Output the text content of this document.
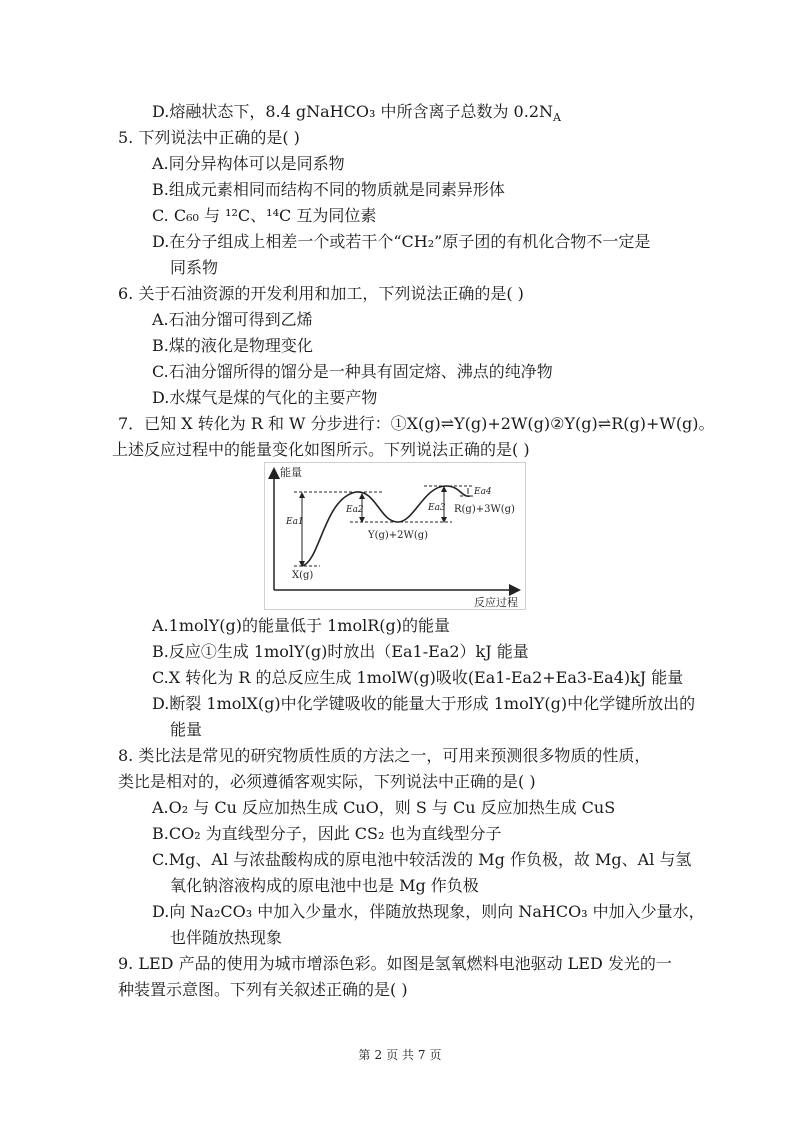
D.熔融状态下，8.4 gNaHCO₃ 中所含离子总数为 $0.2N_A$
5. 下列说法中正确的是( )
A.同分异构体可以是同系物
B.组成元素相同而结构不同的物质就是同素异形体
C. C₆₀ 与 ¹²C、¹⁴C 互为同位素
D.在分子组成上相差一个或若干个“CH₂”原子团的有机化合物不一定是
同系物
6. 关于石油资源的开发利用和加工，下列说法正确的是( )
A.石油分馏可得到乙烯
B.煤的液化是物理变化
C.石油分馏所得的馏分是一种具有固定熔、沸点的纯净物
D.水煤气是煤的气化的主要产物
7．已知 X 转化为 R 和 W 分步进行：①X(g)⇌Y(g)+2W(g)②Y(g)⇌R(g)+W(g)。
上述反应过程中的能量变化如图所示。下列说法正确的是( )
能量
反应过程
Ea1
Ea2	Ea3
Ea4
X(g)
Y(g)+2W(g)
R(g)+3W(g)
A.1molY(g)的能量低于 1molR(g)的能量
B.反应①生成 1molY(g)时放出（Ea1-Ea2）kJ 能量
C.X 转化为 R 的总反应生成 1molW(g)吸收(Ea1-Ea2+Ea3-Ea4)kJ 能量
D.断裂 1molX(g)中化学键吸收的能量大于形成 1molY(g)中化学键所放出的
能量
8. 类比法是常见的研究物质性质的方法之一，可用来预测很多物质的性质，
类比是相对的，必须遵循客观实际，下列说法中正确的是( )
A.O₂ 与 Cu 反应加热生成 CuO，则 S 与 Cu 反应加热生成 CuS
B.CO₂ 为直线型分子，因此 CS₂ 也为直线型分子
C.Mg、Al 与浓盐酸构成的原电池中较活泼的 Mg 作负极，故 Mg、Al 与氢
氧化钠溶液构成的原电池中也是 Mg 作负极
D.向 Na₂CO₃ 中加入少量水，伴随放热现象，则向 NaHCO₃ 中加入少量水，
也伴随放热现象
9. LED 产品的使用为城市增添色彩。如图是氢氧燃料电池驱动 LED 发光的一
种装置示意图。下列有关叙述正确的是( )
第 2 页 共 7 页
